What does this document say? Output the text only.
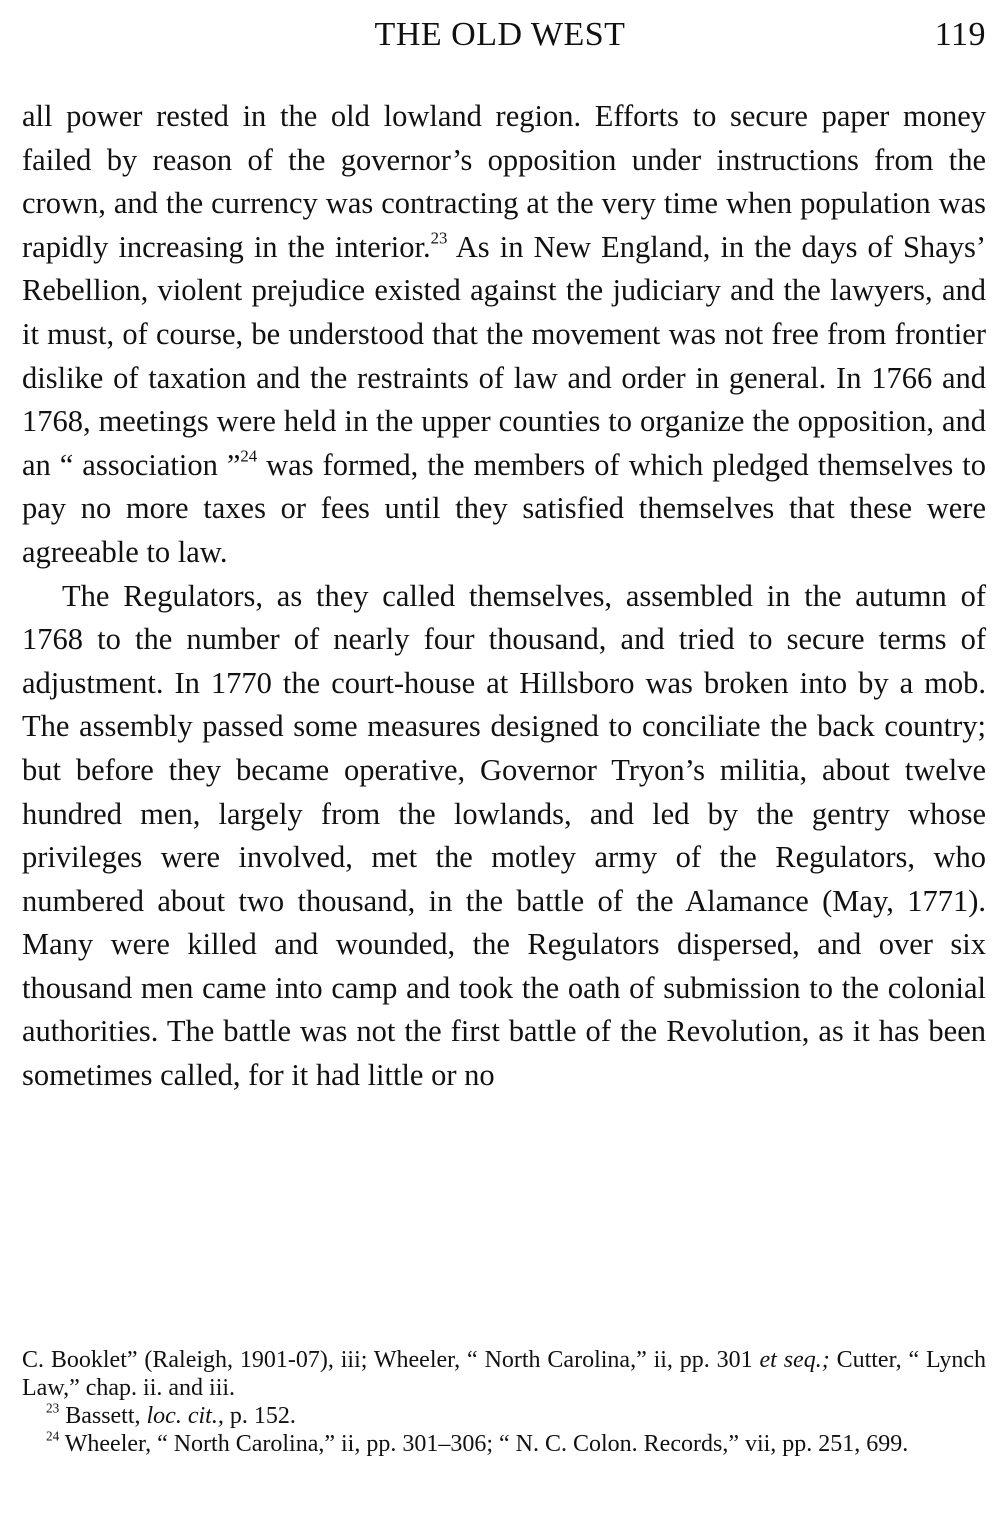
THE OLD WEST	119

all power rested in the old lowland region. Efforts to secure paper money failed by reason of the governor’s opposition under instructions from the crown, and the currency was contracting at the very time when population was rapidly increasing in the interior.$^{23}$ As in New England, in the days of Shays’ Rebellion, violent prejudice existed against the judiciary and the lawyers, and it must, of course, be understood that the movement was not free from frontier dislike of taxation and the restraints of law and order in general. In 1766 and 1768, meetings were held in the upper counties to organize the opposition, and an “ association ”$^{24}$ was formed, the members of which pledged themselves to pay no more taxes or fees until they satisfied themselves that these were agreeable to law.

The Regulators, as they called themselves, assembled in the autumn of 1768 to the number of nearly four thousand, and tried to secure terms of adjustment. In 1770 the court-house at Hillsboro was broken into by a mob. The assembly passed some measures designed to conciliate the back country; but before they became operative, Governor Tryon’s militia, about twelve hundred men, largely from the lowlands, and led by the gentry whose privileges were involved, met the motley army of the Regulators, who numbered about two thousand, in the battle of the Alamance (May, 1771). Many were killed and wounded, the Regulators dispersed, and over six thousand men came into camp and took the oath of submission to the colonial authorities. The battle was not the first battle of the Revolution, as it has been sometimes called, for it had little or no

C. Booklet” (Raleigh, 1901-07), iii; Wheeler, “ North Carolina,” ii, pp. 301 et seq.; Cutter, “ Lynch Law,” chap. ii. and iii.

$^{23}$ Bassett, loc. cit., p. 152.

$^{24}$ Wheeler, “ North Carolina,” ii, pp. 301–306; “ N. C. Colon. Records,” vii, pp. 251, 699.
